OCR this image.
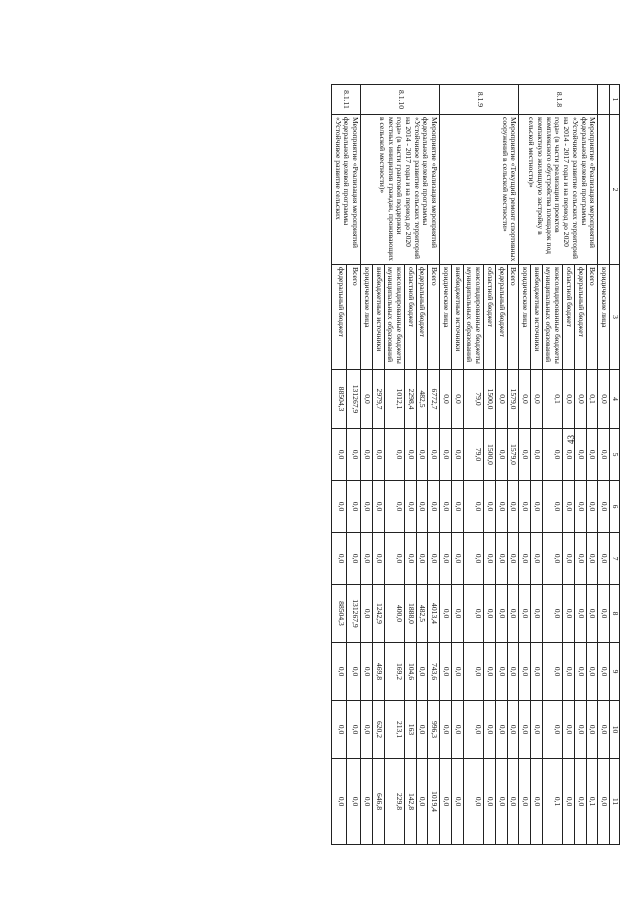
43
1	2	3	4	5	6	7	8	9	10	11
		юридические лица	0,0	0,0	0,0	0,0	0,0	0,0	0,0	0,0
8.1.8	Мероприятие «Реализация мероприятий федеральной целевой программы «Устойчивое развитие сельских территорий на 2014 - 2017 годы и на период до 2020 года» (в части реализации проектов комплексного обустройства площадок под компактную жилищную застройку в сельской местности)»	Всего	0,1	0,0	0,0	0,0	0,0	0,0	0,0	0,1
		федеральный бюджет	0,0	0,0	0,0	0,0	0,0	0,0	0,0	0,0
		областной бюджет	0,0	0,0	0,0	0,0	0,0	0,0	0,0	0,0
		консолидированные бюджеты муниципальных образований	0,1	0,0	0,0	0,0	0,0	0,0	0,0	0,1
		внебюджетные источники	0,0	0,0	0,0	0,0	0,0	0,0	0,0	0,0
		юридические лица	0,0	0,0	0,0	0,0	0,0	0,0	0,0	0,0
8.1.9	Мероприятие «Текущий ремонт спортивных сооружений в сельской местности»	Всего	1579,0	1579,0	0,0	0,0	0,0	0,0	0,0	0,0
		федеральный бюджет	0,0	0,0	0,0	0,0	0,0	0,0	0,0	0,0
		областной бюджет	1500,0	1500,0	0,0	0,0	0,0	0,0	0,0	0,0
		консолидированные бюджеты муниципальных образований	79,0	79,0	0,0	0,0	0,0	0,0	0,0	0,0
		внебюджетные источники	0,0	0,0	0,0	0,0	0,0	0,0	0,0	0,0
		юридические лица	0,0	0,0	0,0	0,0	0,0	0,0	0,0	0,0
8.1.10	Мероприятие «Реализация мероприятий федеральной целевой программы «Устойчивое развитие сельских территорий на 2014 - 2017 годы и на период до 2020 года» (в части грантовой поддержки местных инициатив граждан, проживающих в сельской местности)»	Всего	6772,7	0,0	0,0	0,0	4013,4	743,6	996,3	1019,4
		федеральный бюджет	482,5	0,0	0,0	0,0	482,5	0,0	0,0	0,0
		областной бюджет	2298,4	0,0	0,0	0,0	1888,0	104,6	163	142,8
		консолидированные бюджеты муниципальных образований	1012,1	0,0	0,0	0,0	400,0	169,2	213,1	229,8
		внебюджетные источники	2979,7	0,0	0,0	0,0	1242,9	469,8	620,2	646,8
		юридические лица	0,0	0,0	0,0	0,0	0,0	0,0	0,0	0,0
8.1.11	Мероприятие «Реализация мероприятий федеральной целевой программы «Устойчивое развитие сельских	Всего	131267,9	0,0	0,0	0,0	131267,9	0,0	0,0	0,0
		федеральный бюджет	88504,3	0,0	0,0	0,0	88504,3	0,0	0,0	0,0
